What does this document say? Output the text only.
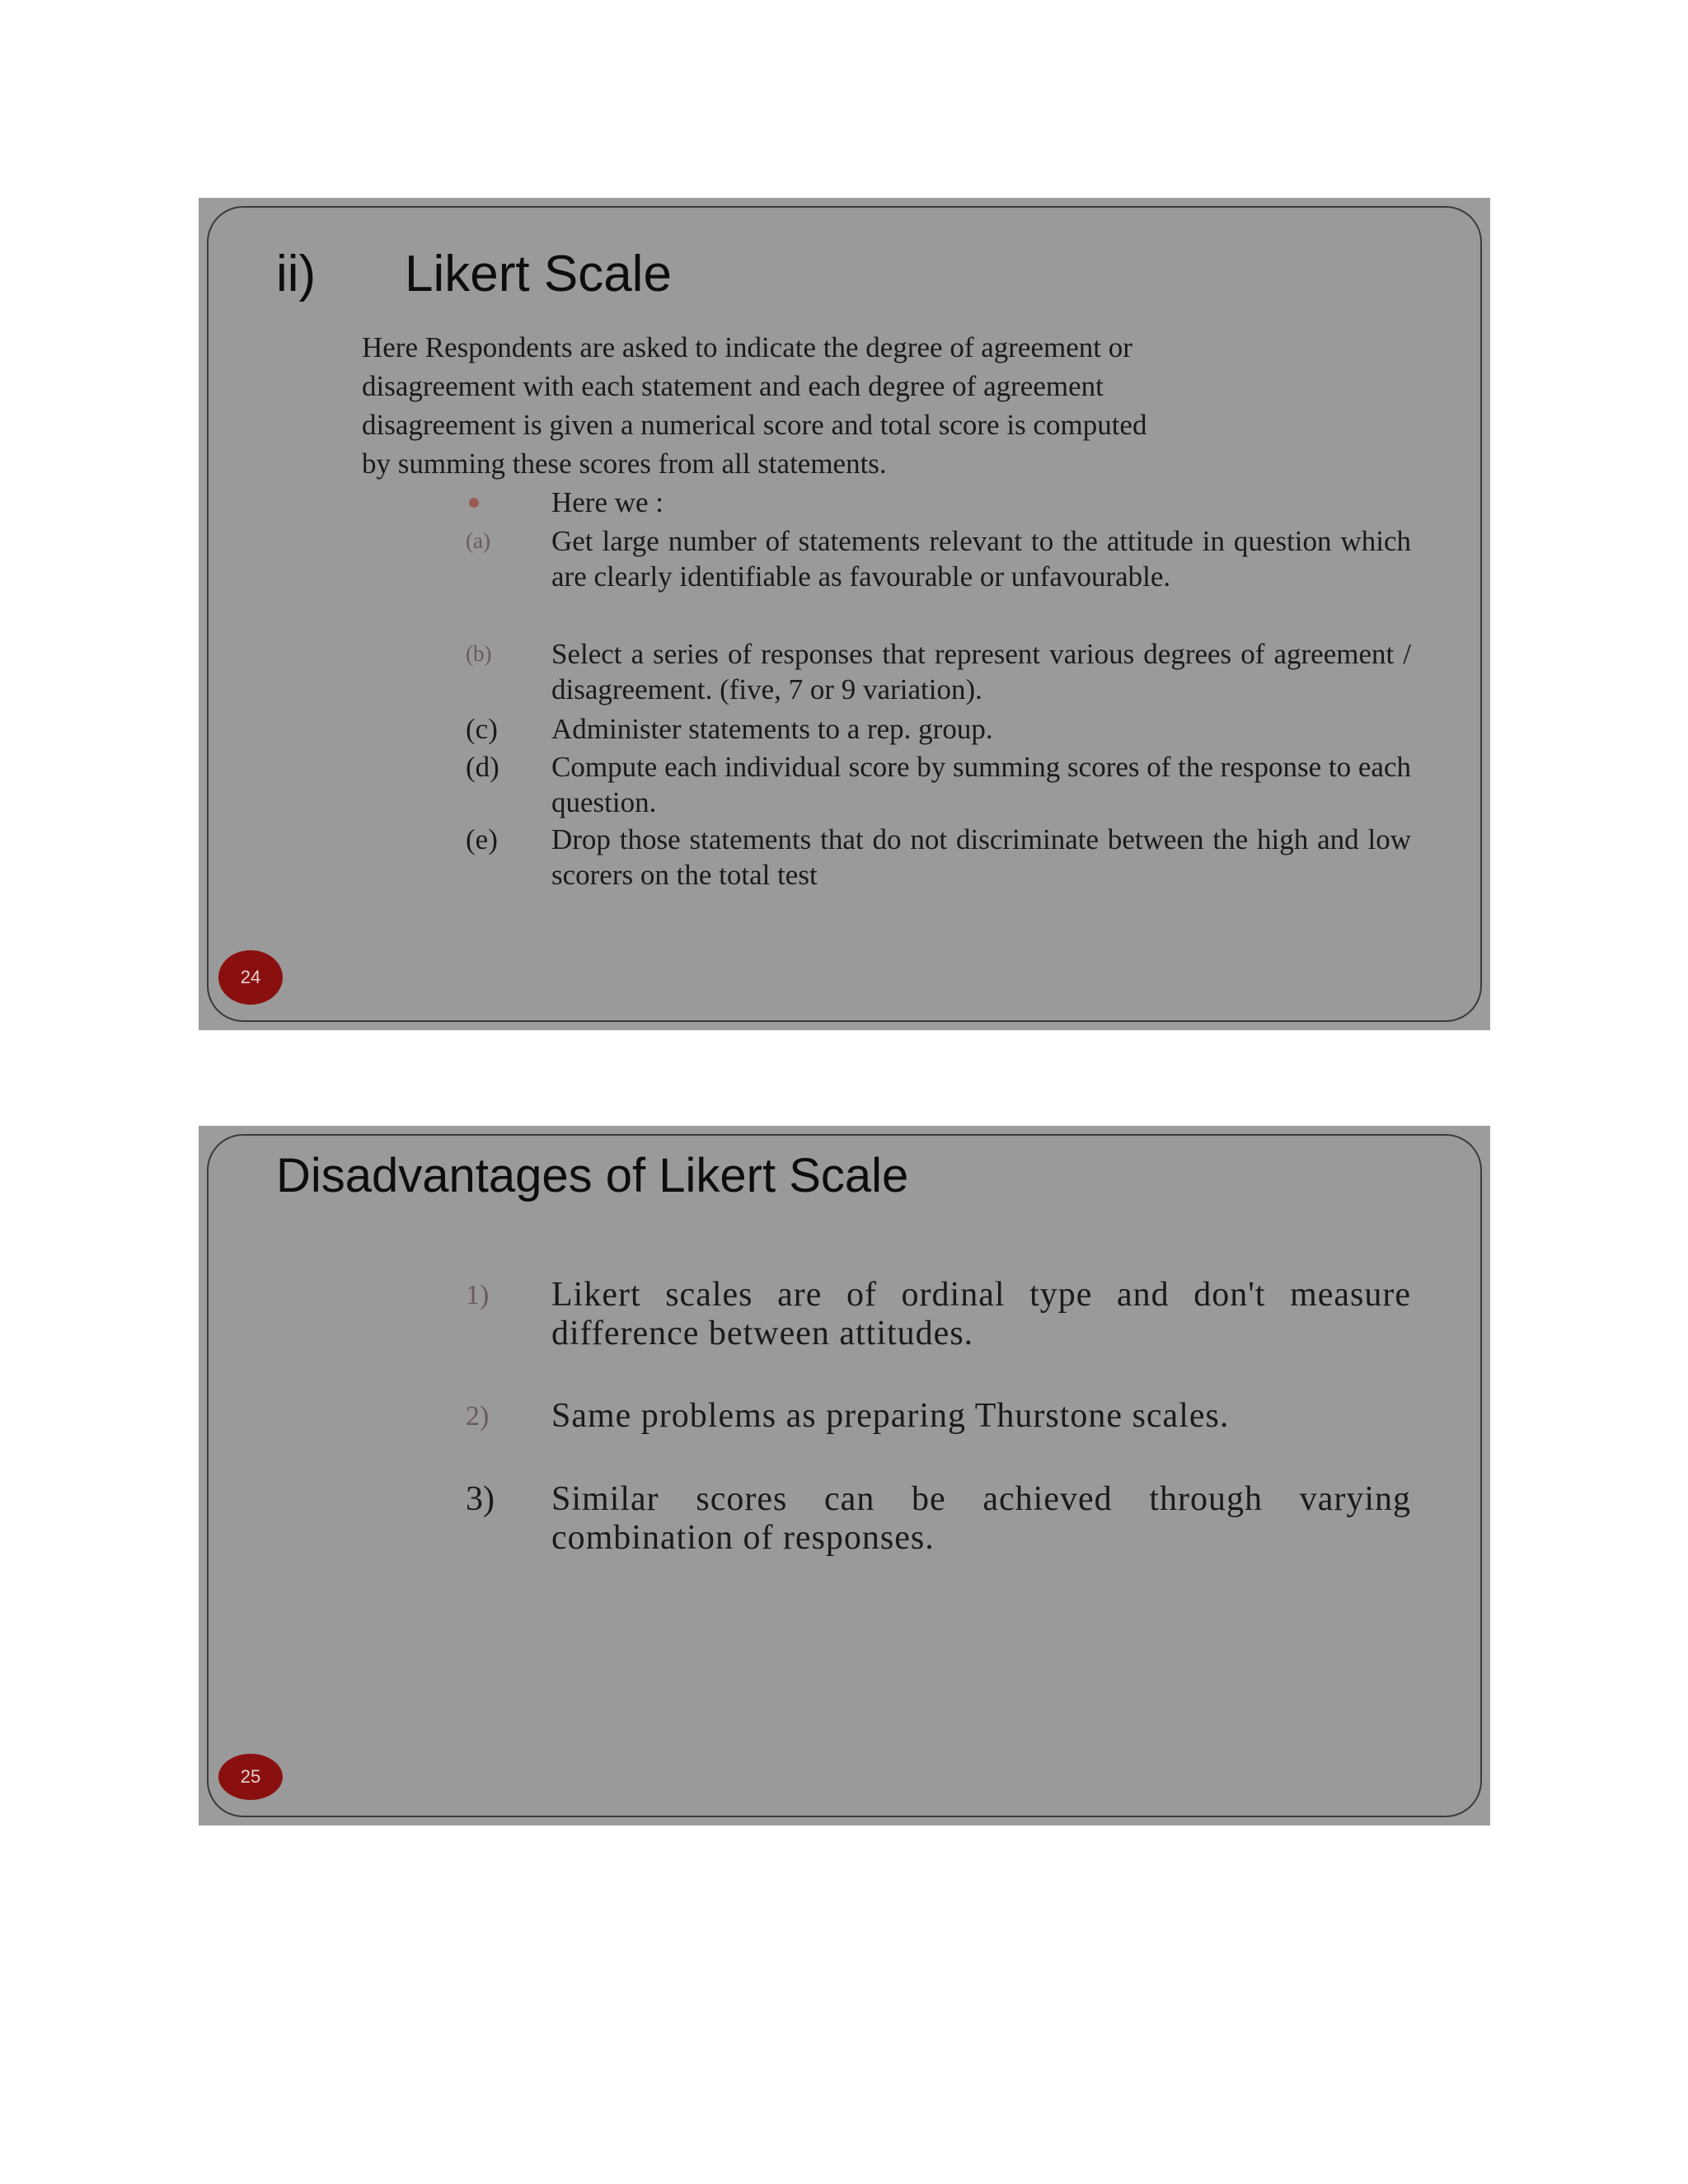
ii) Likert Scale
Here Respondents are asked to indicate the degree of agreement or
disagreement with each statement and each degree of agreement
disagreement is given a numerical score and total score is computed
by summing these scores from all statements.
Here we :
(a) Get large number of statements relevant to the attitude in question which are clearly identifiable as favourable or unfavourable.
(b) Select a series of responses that represent various degrees of agreement / disagreement. (five, 7 or 9 variation).
(c) Administer statements to a rep. group.
(d) Compute each individual score by summing scores of the response to each question.
(e) Drop those statements that do not discriminate between the high and low scorers on the total test
24
Disadvantages of Likert Scale
1) Likert scales are of ordinal type and don't measure difference between attitudes.
2) Same problems as preparing Thurstone scales.
3) Similar scores can be achieved through varying combination of responses.
25
